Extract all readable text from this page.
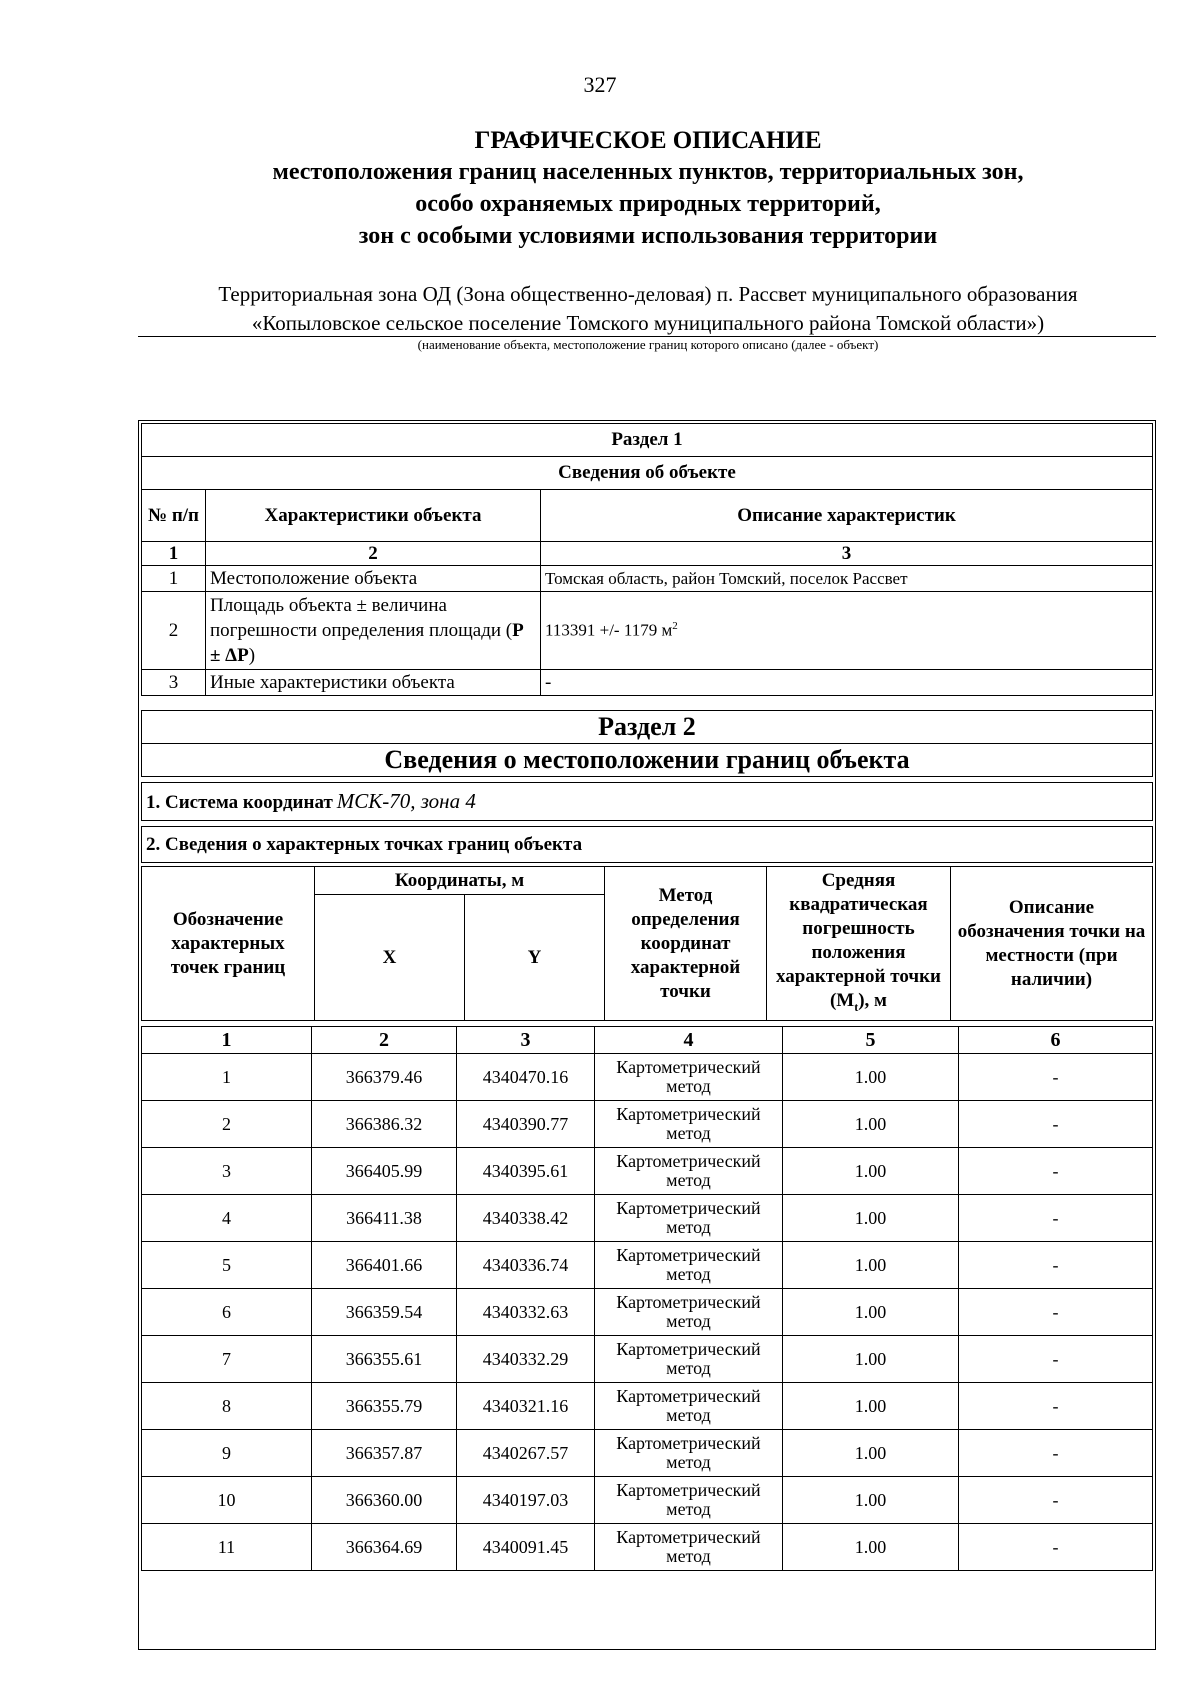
327
ГРАФИЧЕСКОЕ ОПИСАНИЕ
местоположения границ населенных пунктов, территориальных зон,
особо охраняемых природных территорий,
зон с особыми условиями использования территории
Территориальная зона ОД (Зона общественно-деловая) п. Рассвет муниципального образования
«Копыловское сельское поселение Томского муниципального района Томской области»)
(наименование объекта, местоположение границ которого описано (далее - объект)
Раздел 1		
Сведения об объекте		
№ п/п	Характеристики объекта	Описание характеристик
1	2	3
1	Местоположение объекта	Томская область, район Томский, поселок Рассвет
2	Площадь объекта ± величина погрешности определения площади (Р ± ΔР)	113391 +/- 1179 $м^2$
3	Иные характеристики объекта	-
Раздел 2
Сведения о местоположении границ объекта
1. Система координат МСК-70, зона 4
2. Сведения о характерных точках границ объекта
Обозначение характерных точек границ	Координаты, м		Метод определения координат характерной точки	Средняя квадратическая погрешность положения характерной точки $(М_t)$, м	Описание обозначения точки на местности (при наличии)
	X	Y			
1	2	3	4	5	6
1	366379.46	4340470.16	Картометрический метод	1.00	-
2	366386.32	4340390.77	Картометрический метод	1.00	-
3	366405.99	4340395.61	Картометрический метод	1.00	-
4	366411.38	4340338.42	Картометрический метод	1.00	-
5	366401.66	4340336.74	Картометрический метод	1.00	-
6	366359.54	4340332.63	Картометрический метод	1.00	-
7	366355.61	4340332.29	Картометрический метод	1.00	-
8	366355.79	4340321.16	Картометрический метод	1.00	-
9	366357.87	4340267.57	Картометрический метод	1.00	-
10	366360.00	4340197.03	Картометрический метод	1.00	-
11	366364.69	4340091.45	Картометрический метод	1.00	-
